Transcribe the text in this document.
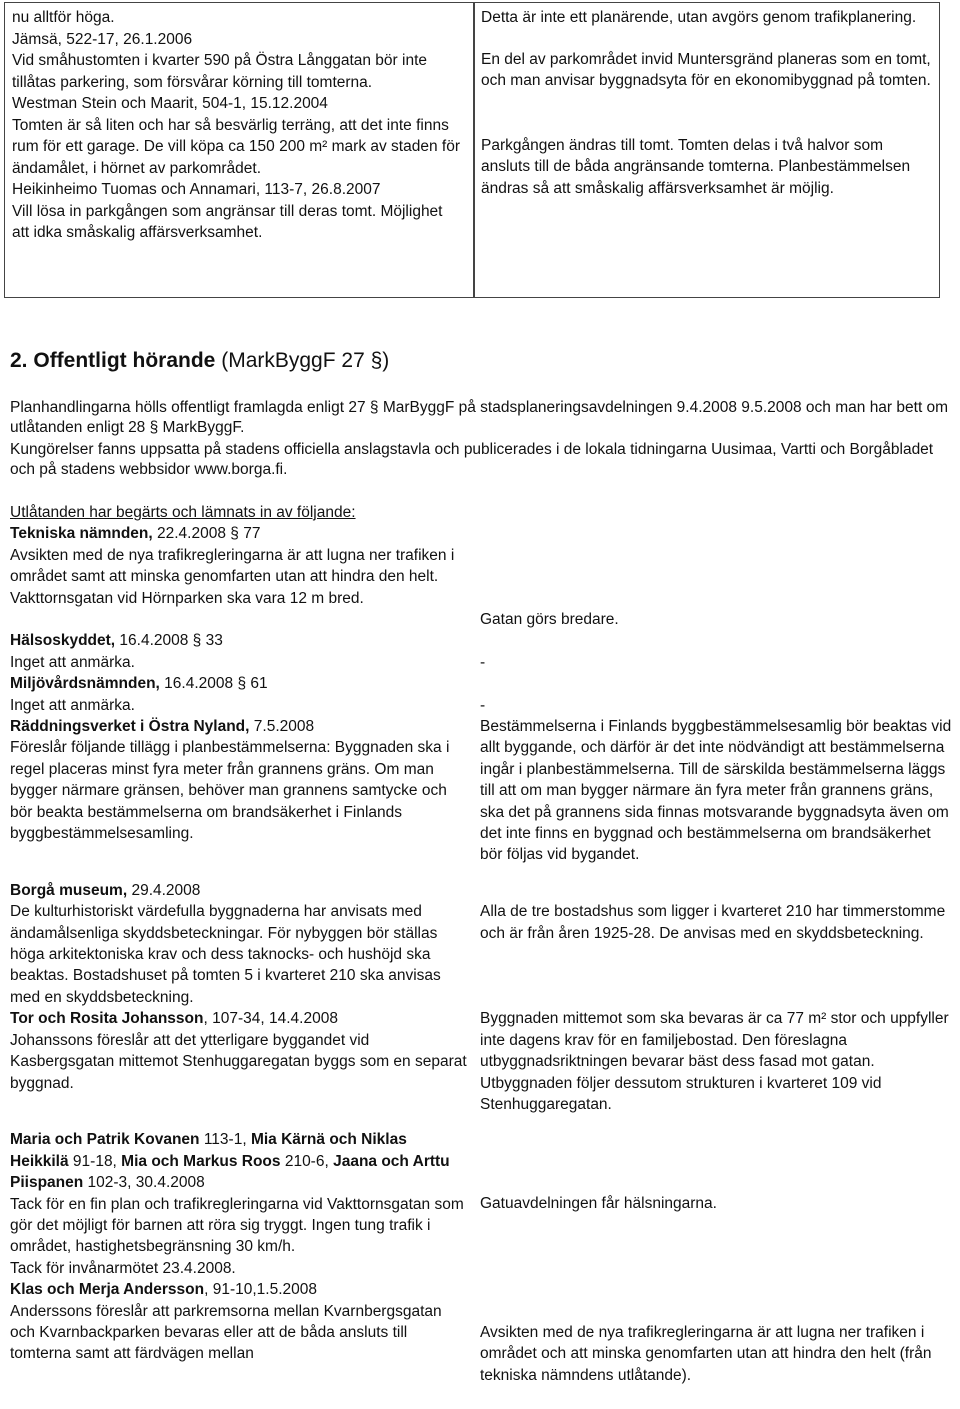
nu alltför höga.

Jämsä, 522-17, 26.1.2006

Vid småhustomten i kvarter 590 på Östra Långgatan bör inte tillåtas parkering, som försvårar körning till tomterna.

Westman Stein och Maarit, 504-1, 15.12.2004

Tomten är så liten och har så besvärlig terräng, att det inte finns rum för ett garage. De vill köpa ca 150 200 m² mark av staden för ändamålet, i hörnet av parkområdet.

Heikinheimo Tuomas och Annamari, 113-7, 26.8.2007

Vill lösa in parkgången som angränsar till deras tomt. Möjlighet att idka småskalig affärsverksamhet.

Detta är inte ett planärende, utan avgörs genom trafikplanering.

En del av parkområdet invid Muntersgränd planeras som en tomt, och man anvisar byggnadsyta för en ekonomibyggnad på tomten.

Parkgången ändras till tomt. Tomten delas i två halvor som ansluts till de båda angränsande tomterna. Planbestämmelsen ändras så att småskalig affärsverksamhet är möjlig.

2. Offentligt hörande (MarkByggF 27 §)

Planhandlingarna hölls offentligt framlagda enligt 27 § MarByggF på stadsplaneringsavdelningen 9.4.2008 9.5.2008 och man har bett om utlåtanden enligt 28 § MarkByggF.

Kungörelser fanns uppsatta på stadens officiella anslagstavla och publicerades i de lokala tidningarna Uusimaa, Vartti och Borgåbladet och på stadens webbsidor www.borga.fi.

Utlåtanden har begärts och lämnats in av följande:

Tekniska nämnden, 22.4.2008 § 77

Avsikten med de nya trafikregleringarna är att lugna ner trafiken i området samt att minska genomfarten utan att hindra den helt.

Vakttornsgatan vid Hörnparken ska vara 12 m bred.

Gatan görs bredare.

Hälsoskyddet, 16.4.2008 § 33

Inget att anmärka.	-

Miljövårdsnämnden, 16.4.2008 § 61

Inget att anmärka.	-

Räddningsverket i Östra Nyland, 7.5.2008

Föreslår följande tillägg i planbestämmelserna: Byggnaden ska i regel placeras minst fyra meter från grannens gräns. Om man bygger närmare gränsen, behöver man grannens samtycke och bör beakta bestämmelserna om brandsäkerhet i Finlands byggbestämmelsesamling.

Bestämmelserna i Finlands byggbestämmelsesamlig bör beaktas vid allt byggande, och därför är det inte nödvändigt att bestämmelserna ingår i planbestämmelserna. Till de särskilda bestämmelserna läggs till att om man bygger närmare än fyra meter från grannens gräns, ska det på grannens sida finnas motsvarande byggnadsyta även om det inte finns en byggnad och bestämmelserna om brandsäkerhet bör följas vid bygandet.

Borgå museum, 29.4.2008

De kulturhistoriskt värdefulla byggnaderna har anvisats med ändamålsenliga skyddsbeteckningar. För nybyggen bör ställas höga arkitektoniska krav och dess taknocks- och hushöjd ska beaktas. Bostadshuset på tomten 5 i kvarteret 210 ska anvisas med en skyddsbeteckning.

Alla de tre bostadshus som ligger i kvarteret 210 har timmerstomme och är från åren 1925-28. De anvisas med en skyddsbeteckning.

Tor och Rosita Johansson, 107-34, 14.4.2008

Johanssons föreslår att det ytterligare byggandet vid Kasbergsgatan mittemot Stenhuggaregatan byggs som en separat byggnad.

Byggnaden mittemot som ska bevaras är ca 77 m² stor och uppfyller inte dagens krav för en familjebostad. Den föreslagna utbyggnadsriktningen bevarar bäst dess fasad mot gatan. Utbyggnaden följer dessutom strukturen i kvarteret 109 vid Stenhuggaregatan.

Maria och Patrik Kovanen 113-1, Mia Kärnä och Niklas Heikkilä 91-18, Mia och Markus Roos 210-6, Jaana och Arttu Piispanen 102-3, 30.4.2008

Tack för en fin plan och trafikregleringarna vid Vakttornsgatan som gör det möjligt för barnen att röra sig tryggt. Ingen tung trafik i området, hastighetsbegränsning 30 km/h.

Tack för invånarmötet 23.4.2008.

Gatuavdelningen får hälsningarna.

Klas och Merja Andersson, 91-10,1.5.2008

Anderssons föreslår att parkremsorna mellan Kvarnbergsgatan och Kvarnbackparken bevaras eller att de båda ansluts till tomterna samt att färdvägen mellan

Avsikten med de nya trafikregleringarna är att lugna ner trafiken i området och att minska genomfarten utan att hindra den helt (från tekniska nämndens utlåtande).
